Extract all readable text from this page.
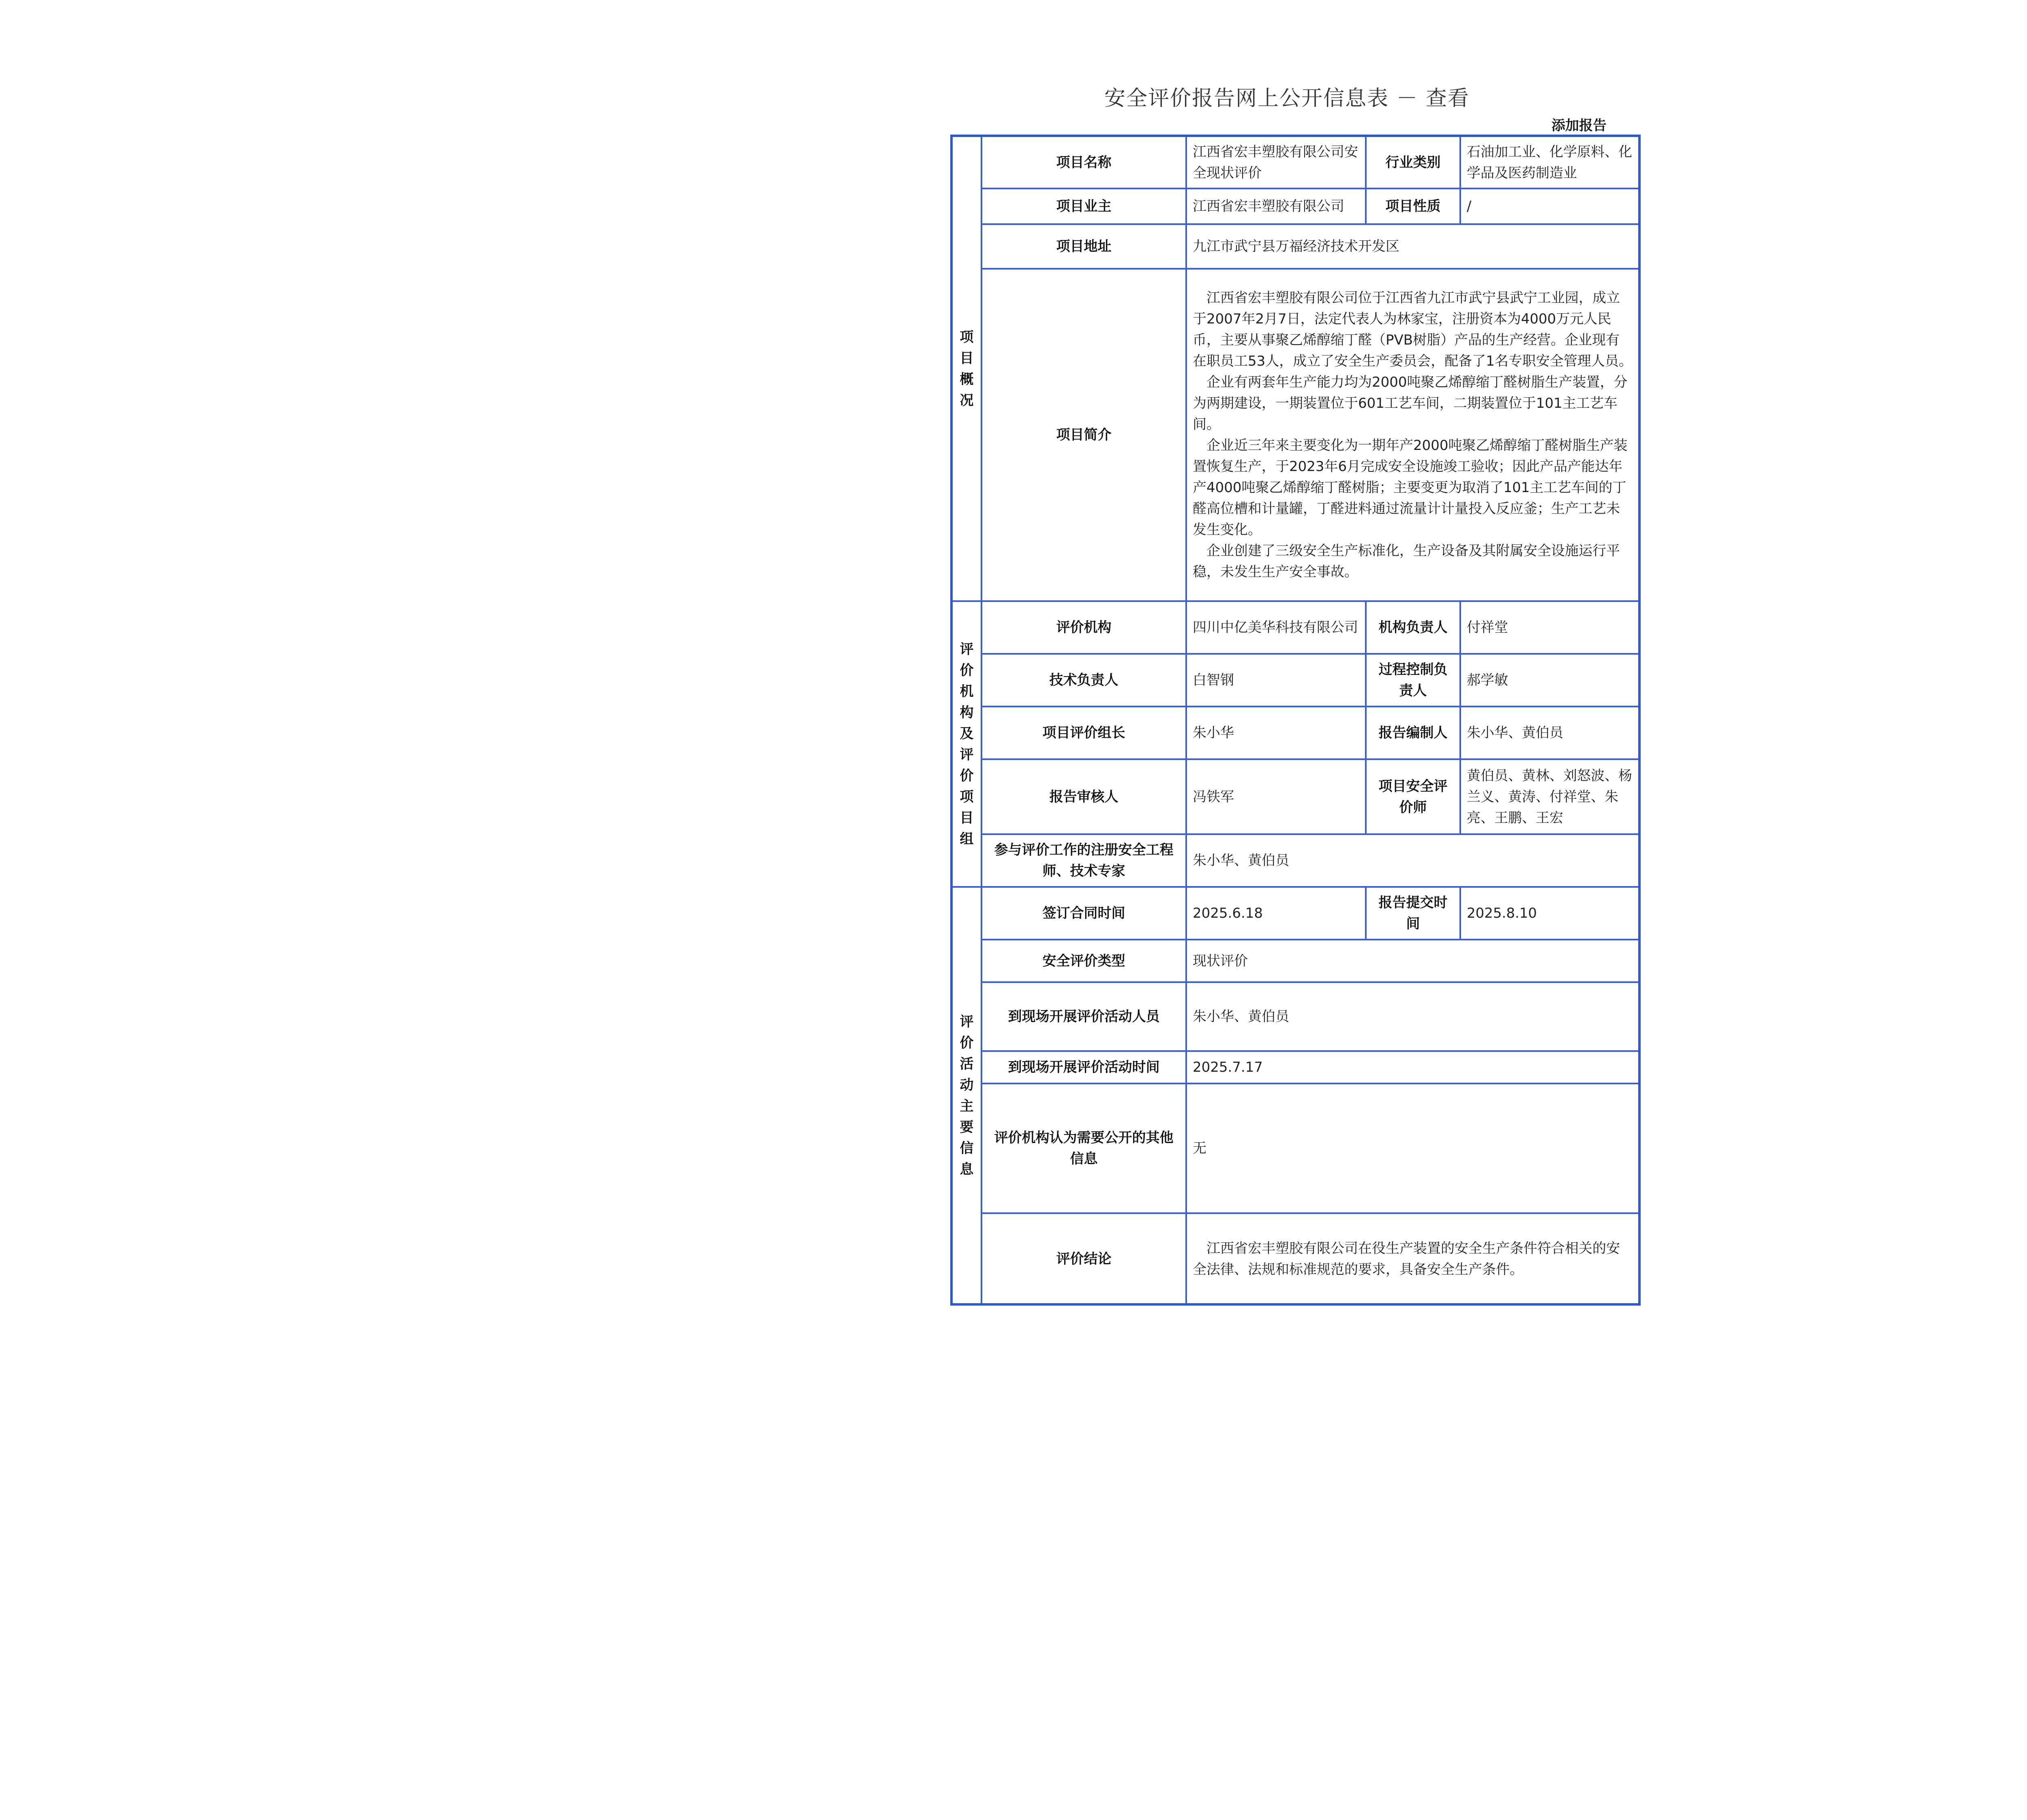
安全评价报告网上公开信息表 － 查看
添加报告
项目概况	项目名称	江西省宏丰塑胶有限公司安全现状评价	行业类别	石油加工业、化学原料、化学品及医药制造业
	项目业主	江西省宏丰塑胶有限公司	项目性质	/
	项目地址	九江市武宁县万福经济技术开发区		
	项目简介	江西省宏丰塑胶有限公司位于江西省九江市武宁县武宁工业园，成立于2007年2月7日，法定代表人为林家宝，注册资本为4000万元人民币，主要从事聚乙烯醇缩丁醛（PVB树脂）产品的生产经营。企业现有在职员工53人，成立了安全生产委员会，配备了1名专职安全管理人员。

企业有两套年生产能力均为2000吨聚乙烯醇缩丁醛树脂生产装置，分为两期建设，一期装置位于601工艺车间，二期装置位于101主工艺车间。

企业近三年来主要变化为一期年产2000吨聚乙烯醇缩丁醛树脂生产装置恢复生产，于2023年6月完成安全设施竣工验收；因此产品产能达年产4000吨聚乙烯醇缩丁醛树脂；主要变更为取消了101主工艺车间的丁醛高位槽和计量罐，丁醛进料通过流量计计量投入反应釜；生产工艺未发生变化。

企业创建了三级安全生产标准化，生产设备及其附属安全设施运行平稳，未发生生产安全事故。		

评价机构及评价项目组	评价机构	四川中亿美华科技有限公司	机构负责人	付祥堂
	技术负责人	白智钢	过程控制负责人	郝学敏
	项目评价组长	朱小华	报告编制人	朱小华、黄伯员
	报告审核人	冯铁军	项目安全评价师	黄伯员、黄林、刘怒波、杨兰义、黄涛、付祥堂、朱亮、王鹏、王宏
	参与评价工作的注册安全工程师、技术专家	朱小华、黄伯员		

评价活动主要信息	签订合同时间	2025.6.18	报告提交时间	2025.8.10
	安全评价类型	现状评价		
	到现场开展评价活动人员	朱小华、黄伯员		
	到现场开展评价活动时间	2025.7.17		
	评价机构认为需要公开的其他信息	无		
	评价结论	江西省宏丰塑胶有限公司在役生产装置的安全生产条件符合相关的安全法律、法规和标准规范的要求，具备安全生产条件。		
